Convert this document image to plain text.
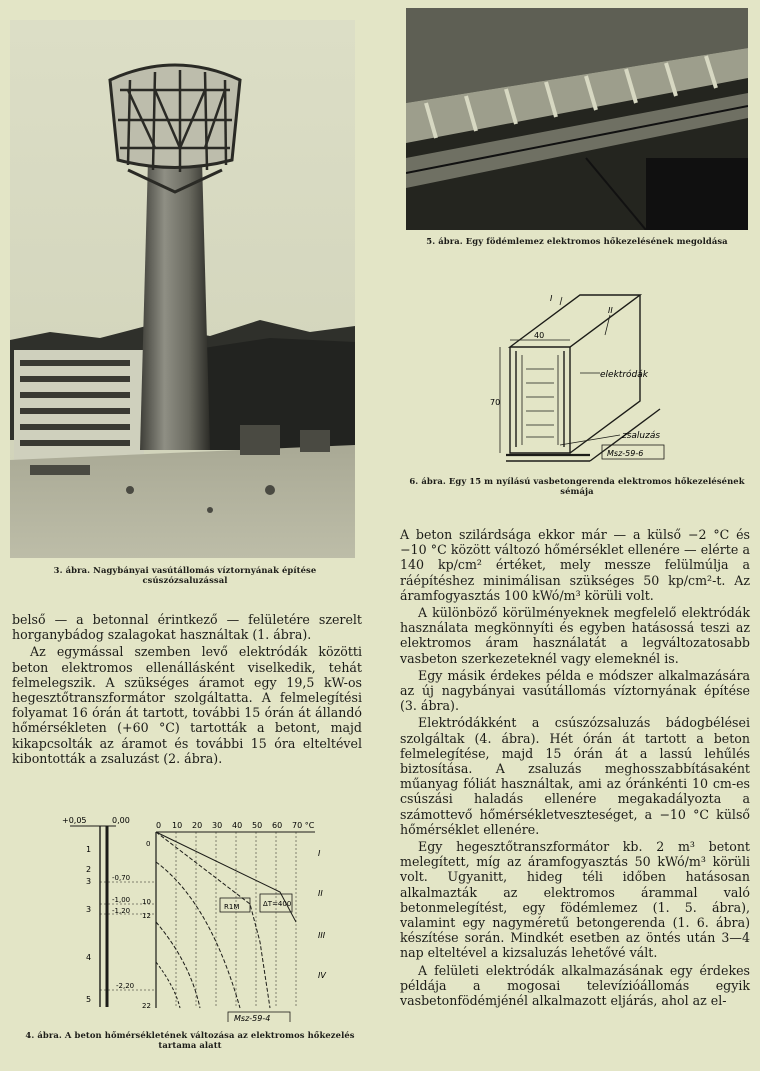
3. ábra. Nagybányai vasútállomás víztornyának építése csúszózsaluzással
5. ábra. Egy födémlemez elektromos hőkezelésének megoldása
40
70
I
II
elektródák
zsaluzás
Msz-59-6
6. ábra. Egy 15 m nyílású vasbetongerenda elektromos hőkezelésének sémája

belső — a betonnal érintkező — felületére szerelt horganybádog szalagokat használtak (1. ábra).

Az egymással szemben levő elektródák közötti beton elektromos ellenállásként viselkedik, tehát felmelegszik. A szükséges áramot egy 19,5 kW-os hegesztőtranszformátor szolgáltatta. A felmelegítési folyamat 16 órán át tartott, további 15 órán át állandó hőmérsékleten (+60 °C) tartották a betont, majd kikapcsolták az áramot és további 15 óra elteltével kibontották a zsaluzást (2. ábra).

+0,05	0,00
0 10 20 30 40 50 60 70 °C
-0,70
-1,00
-1,20
-2,20
1
2
3
3
4
5
0
10
12
22
I
II
III
IV
R1M	ΔT=400
Msz-59-4
4. ábra. A beton hőmérsékletének változása az elektromos hőkezelés tartama alatt

A beton szilárdsága ekkor már — a külső −2 °C és −10 °C között változó hőmérséklet ellenére — elérte a 140 kp/cm² értéket, mely messze felülmúlja a ráépítéshez minimálisan szükséges 50 kp/cm²-t. Az áramfogyasztás 100 kWó/m³ körüli volt.

A különböző körülményeknek megfelelő elektródák használata megkönnyíti és egyben hatásossá teszi az elektromos áram használatát a legváltozatosabb vasbeton szerkezeteknél vagy elemeknél is.

Egy másik érdekes példa e módszer alkalmazására az új nagybányai vasútállomás víztornyának építése (3. ábra).

Elektródákként a csúszózsaluzás bádogbélései szolgáltak (4. ábra). Hét órán át tartott a beton felmelegítése, majd 15 órán át a lassú lehűlés biztosítása. A zsaluzás meghosszabbításaként műanyag fóliát használtak, ami az óránkénti 10 cm-es csúszási haladás ellenére megakadályozta a számottevő hőmérsékletveszteséget, a −10 °C külső hőmérséklet ellenére.

Egy hegesztőtranszformátor kb. 2 m³ betont melegített, míg az áramfogyasztás 50 kWó/m³ körüli volt. Ugyanitt, hideg téli időben hatásosan alkalmazták az elektromos árammal való betonmelegítést, egy födémlemez (1. 5. ábra), valamint egy nagyméretű betongerenda (1. 6. ábra) készítése során. Mindkét esetben az öntés után 3—4 nap elteltével a kizsaluzás lehetővé vált.

A felületi elektródák alkalmazásának egy érdekes példája a mogosai televízióállomás egyik vasbetonfödémjénél alkalmazott eljárás, ahol az el-
